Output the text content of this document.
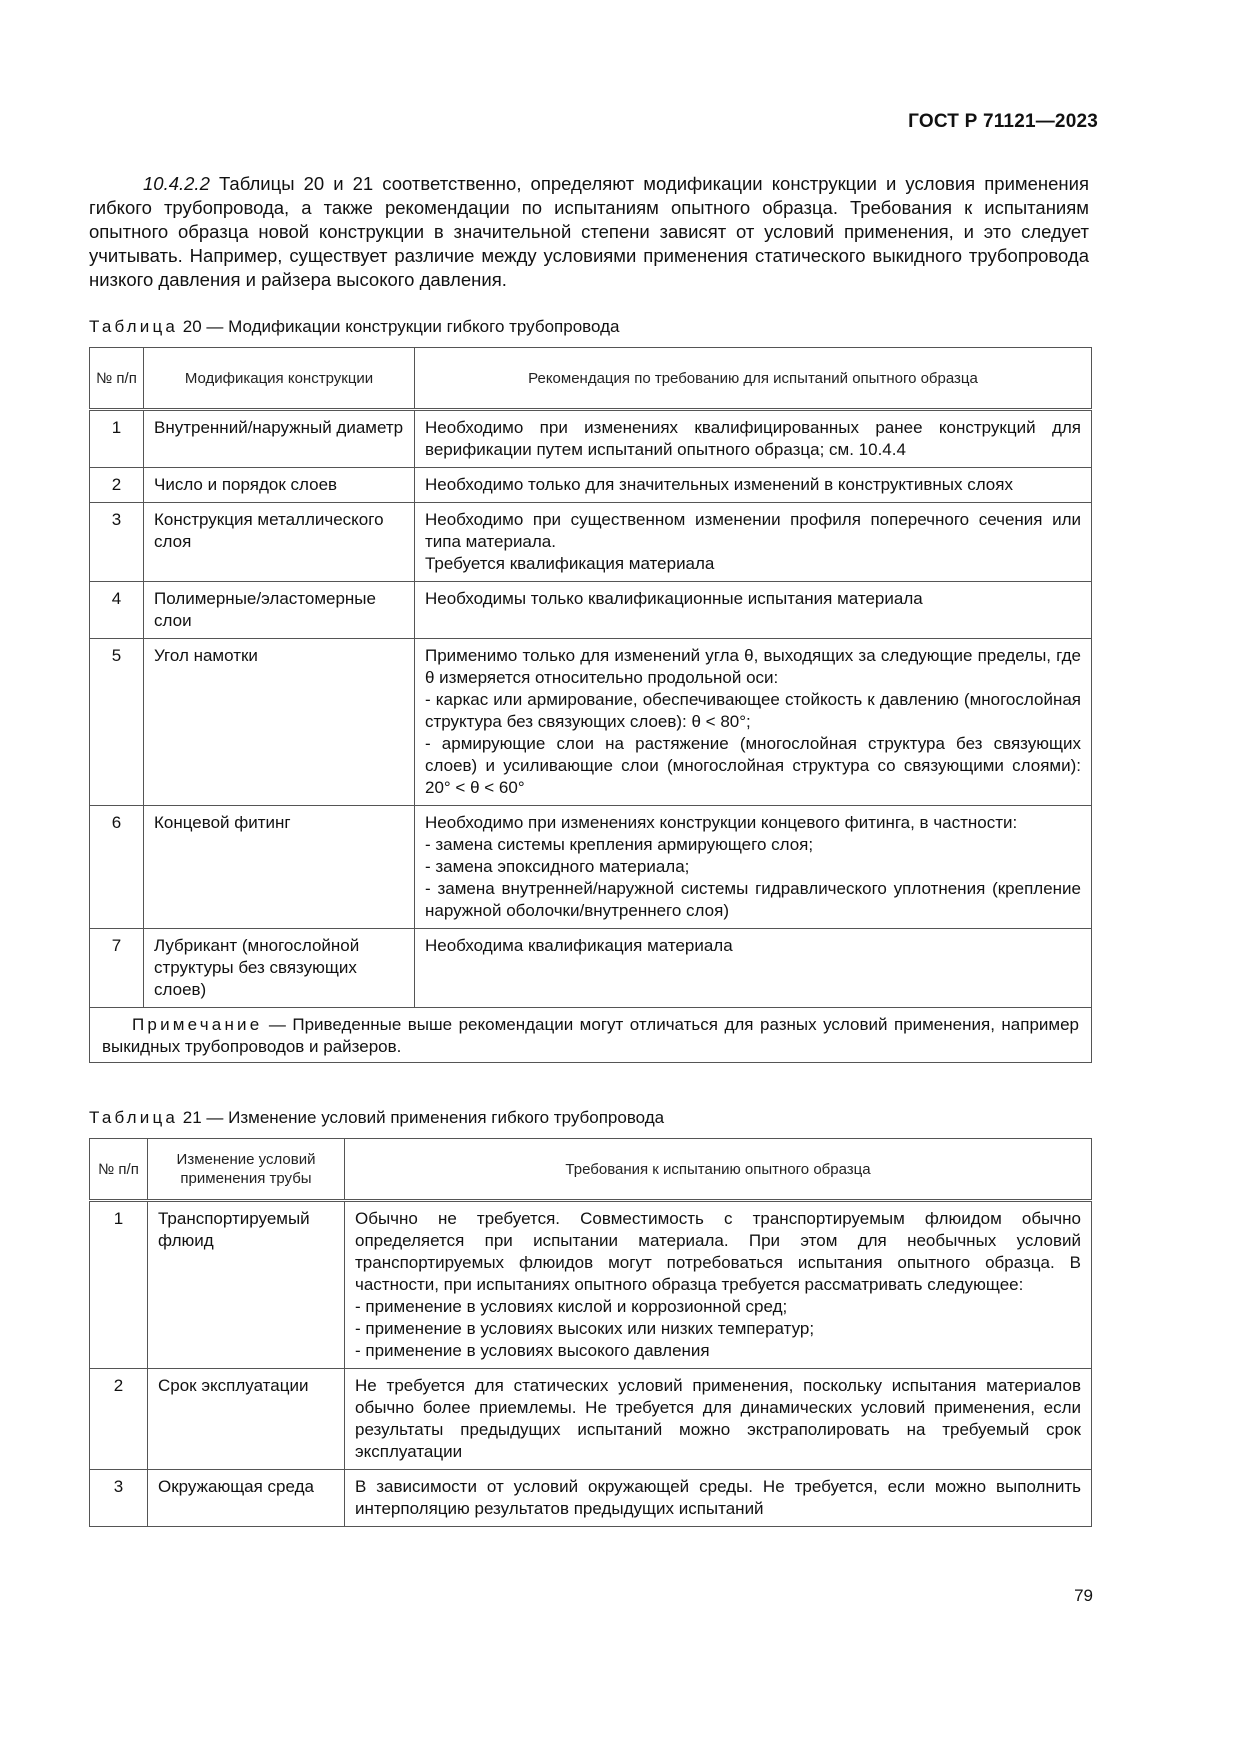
ГОСТ Р 71121—2023

10.4.2.2 Таблицы 20 и 21 соответственно, определяют модификации конструкции и условия применения гибкого трубопровода, а также рекомендации по испытаниям опытного образца. Требования к испытаниям опытного образца новой конструкции в значительной степени зависят от условий применения, и это следует учитывать. Например, существует различие между условиями применения статического выкидного трубопровода низкого давления и райзера высокого давления.

Таблица 20 — Модификации конструкции гибкого трубопровода
№ п/п	Модификация конструкции	Рекомендация по требованию для испытаний опытного образца
1	Внутренний/наружный диаметр	Необходимо при изменениях квалифицированных ранее конструкций для верификации путем испытаний опытного образца; см. 10.4.4

2	Число и порядок слоев	Необходимо только для значительных изменений в конструктивных слоях

3	Конструкция металлического слоя	Необходимо при существенном изменении профиля поперечного сечения или типа материала.
Требуется квалификация материала

4	Полимерные/эластомерные слои	Необходимы только квалификационные испытания материала

5	Угол намотки	Применимо только для изменений угла θ, выходящих за следующие пределы, где θ измеряется относительно продольной оси:
- каркас или армирование, обеспечивающее стойкость к давлению (многослойная структура без связующих слоев): θ < 80°;
- армирующие слои на растяжение (многослойная структура без связующих слоев) и усиливающие слои (многослойная структура со связующими слоями): 20° < θ < 60°

6	Концевой фитинг	Необходимо при изменениях конструкции концевого фитинга, в частности:
- замена системы крепления армирующего слоя;
- замена эпоксидного материала;
- замена внутренней/наружной системы гидравлического уплотнения (крепление наружной оболочки/внутреннего слоя)

7	Лубрикант (многослойной структуры без связующих слоев)	Необходима квалификация материала

Примечание — Приведенные выше рекомендации могут отличаться для разных условий применения, например выкидных трубопроводов и райзеров.		
Таблица 21 — Изменение условий применения гибкого трубопровода
№ п/п	Изменение условий применения трубы	Требования к испытанию опытного образца
1	Транспортируемый флюид	Обычно не требуется. Совместимость с транспортируемым флюидом обычно определяется при испытании материала. При этом для необычных условий транспортируемых флюидов могут потребоваться испытания опытного образца. В частности, при испытаниях опытного образца требуется рассматривать следующее:
- применение в условиях кислой и коррозионной сред;
- применение в условиях высоких или низких температур;
- применение в условиях высокого давления

2	Срок эксплуатации	Не требуется для статических условий применения, поскольку испытания материалов обычно более приемлемы. Не требуется для динамических условий применения, если результаты предыдущих испытаний можно экстраполировать на требуемый срок эксплуатации

3	Окружающая среда	В зависимости от условий окружающей среды. Не требуется, если можно выполнить интерполяцию результатов предыдущих испытаний
79
